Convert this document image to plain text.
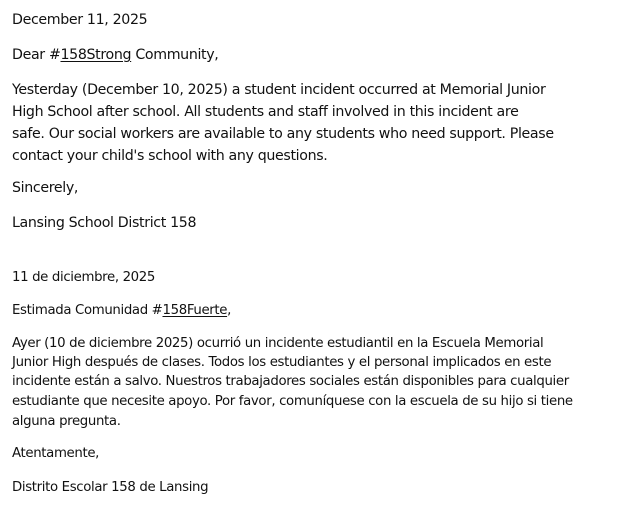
December 11, 2025
Dear #158Strong Community,
Yesterday (December 10, 2025) a student incident occurred at Memorial Junior
High School after school. All students and staff involved in this incident are
safe. Our social workers are available to any students who need support. Please
contact your child's school with any questions.
Sincerely,
Lansing School District 158
11 de diciembre, 2025
Estimada Comunidad #158Fuerte,
Ayer (10 de diciembre 2025) ocurrió un incidente estudiantil en la Escuela Memorial
Junior High después de clases. Todos los estudiantes y el personal implicados en este
incidente están a salvo. Nuestros trabajadores sociales están disponibles para cualquier
estudiante que necesite apoyo. Por favor, comuníquese con la escuela de su hijo si tiene
alguna pregunta.
Atentamente,
Distrito Escolar 158 de Lansing
